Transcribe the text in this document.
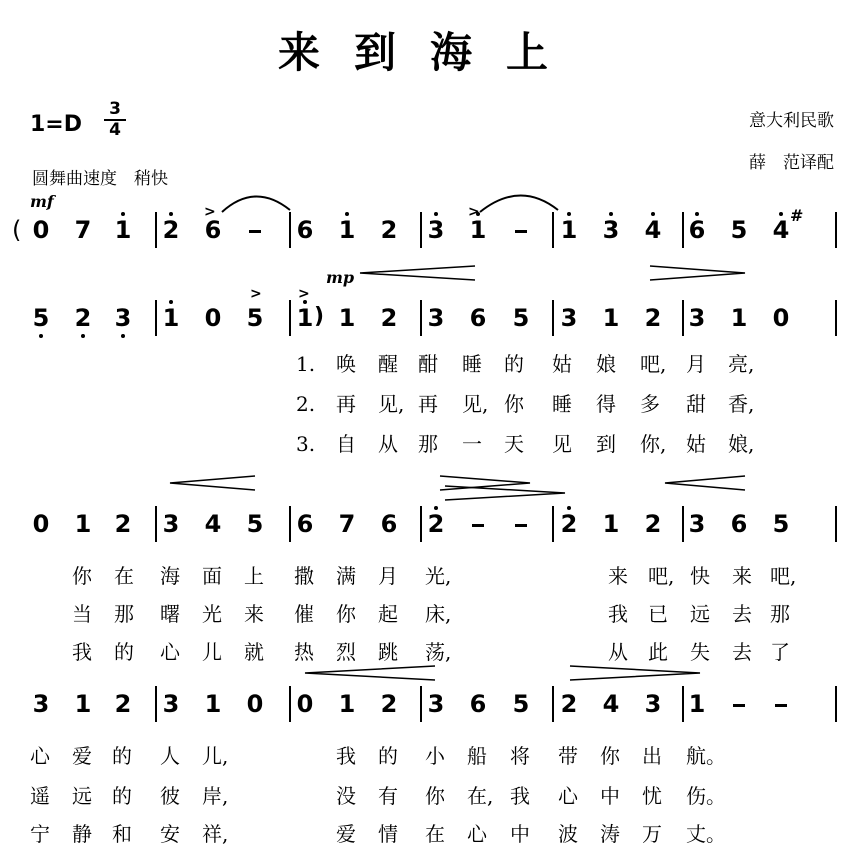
来到海上
1=D
3
4
圆舞曲速度　稍快
意大利民歌
薛　范译配
mf
mp
(
)
#
0 7 1 2 6	6 1 2 3 1	1 3 4 6 5 4
5 2 3 1 0 5 1 1 2 3 6 5 3 1 2 3 1 0
0 1 2 3 4 5 6 7 6 2	2 1 2 3 6 5
3 1 2 3 1 0 0 1 2 3 6 5 2 4 3 1
1. 唤 醒 酣 睡 的 姑 娘 吧, 月 亮,
2. 再 见, 再 见, 你 睡 得 多 甜 香,
3. 自 从 那 一 天 见 到 你, 姑 娘,
你 在 海 面 上 撒 满 月 光,	来 吧, 快 来 吧,
当 那 曙 光 来 催 你 起 床,	我 已 远 去 那
我 的 心 儿 就 热 烈 跳 荡,	从 此 失 去 了
心 爱 的 人 儿,	我 的 小 船 将 带 你 出 航。
遥 远 的 彼 岸,	没 有 你 在, 我 心 中 忧 伤。
宁 静 和 安 祥,	爱 情 在 心 中 波 涛 万 丈。
>	>
>	>
